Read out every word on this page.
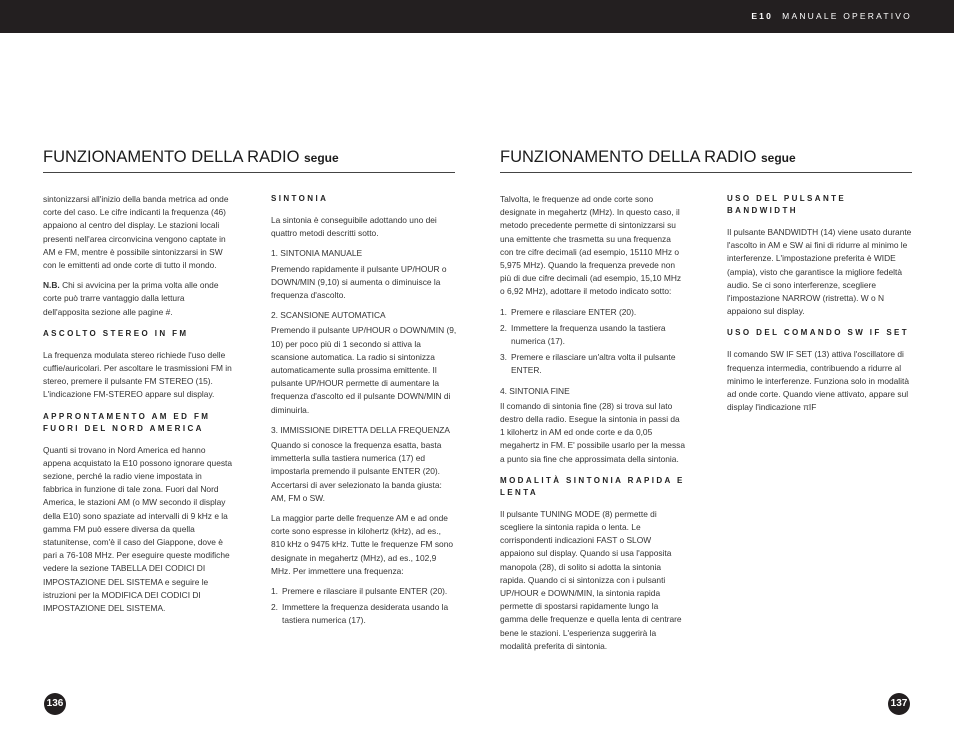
E10 MANUALE OPERATIVO
FUNZIONAMENTO DELLA RADIO segue	FUNZIONAMENTO DELLA RADIO segue

sintonizzarsi all'inizio della banda metrica ad onde corte del caso. Le cifre indicanti la frequenza (46) appaiono al centro del display. Le stazioni locali presenti nell'area circonvicina vengono captate in AM e FM, mentre è possibile sintonizzarsi in SW con le emittenti ad onde corte di tutto il mondo.

N.B. Chi si avvicina per la prima volta alle onde corte può trarre vantaggio dalla lettura dell'apposita sezione alle pagine #.

ASCOLTO STEREO IN FM

La frequenza modulata stereo richiede l'uso delle cuffie/auricolari. Per ascoltare le trasmissioni FM in stereo, premere il pulsante FM STEREO (15). L'indicazione FM-STEREO appare sul display.

APPRONTAMENTO AM ED FM FUORI DEL NORD AMERICA

Quanti si trovano in Nord America ed hanno appena acquistato la E10 possono ignorare questa sezione, perché la radio viene impostata in fabbrica in funzione di tale zona. Fuori dal Nord America, le stazioni AM (o MW secondo il display della E10) sono spaziate ad intervalli di 9 kHz e la gamma FM può essere diversa da quella statunitense, com'è il caso del Giappone, dove è pari a 76-108 MHz. Per eseguire queste modifiche vedere la sezione TABELLA DEI CODICI DI IMPOSTAZIONE DEL SISTEMA e seguire le istruzioni per la MODIFICA DEI CODICI DI IMPOSTAZIONE DEL SISTEMA.

SINTONIA

La sintonia è conseguibile adottando uno dei quattro metodi descritti sotto.

1. SINTONIA MANUALE

Premendo rapidamente il pulsante UP/HOUR o DOWN/MIN (9,10) si aumenta o diminuisce la frequenza d'ascolto.

2. SCANSIONE AUTOMATICA

Premendo il pulsante UP/HOUR o DOWN/MIN (9, 10) per poco più di 1 secondo si attiva la scansione automatica. La radio si sintonizza automaticamente sulla prossima emittente. Il pulsante UP/HOUR permette di aumentare la frequenza d'ascolto ed il pulsante DOWN/MIN di diminuirla.

3. IMMISSIONE DIRETTA DELLA FREQUENZA

Quando si conosce la frequenza esatta, basta immetterla sulla tastiera numerica (17) ed impostarla premendo il pulsante ENTER (20). Accertarsi di aver selezionato la banda giusta: AM, FM o SW.

La maggior parte delle frequenze AM e ad onde corte sono espresse in kilohertz (kHz), ad es., 810 kHz o 9475 kHz. Tutte le frequenze FM sono designate in megahertz (MHz), ad es., 102,9 MHz. Per immettere una frequenza:

1. Premere e rilasciare il pulsante ENTER (20).
2. Immettere la frequenza desiderata usando la tastiera numerica (17).

Talvolta, le frequenze ad onde corte sono designate in megahertz (MHz). In questo caso, il metodo precedente permette di sintonizzarsi su una emittente che trasmetta su una frequenza con tre cifre decimali (ad esempio, 15110 MHz o 5,975 MHz). Quando la frequenza prevede non più di due cifre decimali (ad esempio, 15,10 MHz o 6,92 MHz), adottare il metodo indicato sotto:

1. Premere e rilasciare ENTER (20).
2. Immettere la frequenza usando la tastiera numerica (17).
3. Premere e rilasciare un'altra volta il pulsante ENTER.

4. SINTONIA FINE

Il comando di sintonia fine (28) si trova sul lato destro della radio. Esegue la sintonia in passi da 1 kilohertz in AM ed onde corte e da 0,05 megahertz in FM. E' possibile usarlo per la messa a punto sia fine che approssimata della sintonia.

MODALITÀ SINTONIA RAPIDA E LENTA

Il pulsante TUNING MODE (8) permette di scegliere la sintonia rapida o lenta. Le corrispondenti indicazioni FAST o SLOW appaiono sul display. Quando si usa l'apposita manopola (28), di solito si adotta la sintonia rapida. Quando ci si sintonizza con i pulsanti UP/HOUR e DOWN/MIN, la sintonia rapida permette di spostarsi rapidamente lungo la gamma delle frequenze e quella lenta di centrare bene le stazioni. L'esperienza suggerirà la modalità preferita di sintonia.

USO DEL PULSANTE BANDWIDTH

Il pulsante BANDWIDTH (14) viene usato durante l'ascolto in AM e SW ai fini di ridurre al minimo le interferenze. L'impostazione preferita è WIDE (ampia), visto che garantisce la migliore fedeltà audio. Se ci sono interferenze, scegliere l'impostazione NARROW (ristretta). W o N appaiono sul display.

USO DEL COMANDO SW IF SET

Il comando SW IF SET (13) attiva l'oscillatore di frequenza intermedia, contribuendo a ridurre al minimo le interferenze. Funziona solo in modalità ad onde corte. Quando viene attivato, appare sul display l'indicazione πIF

136	137
